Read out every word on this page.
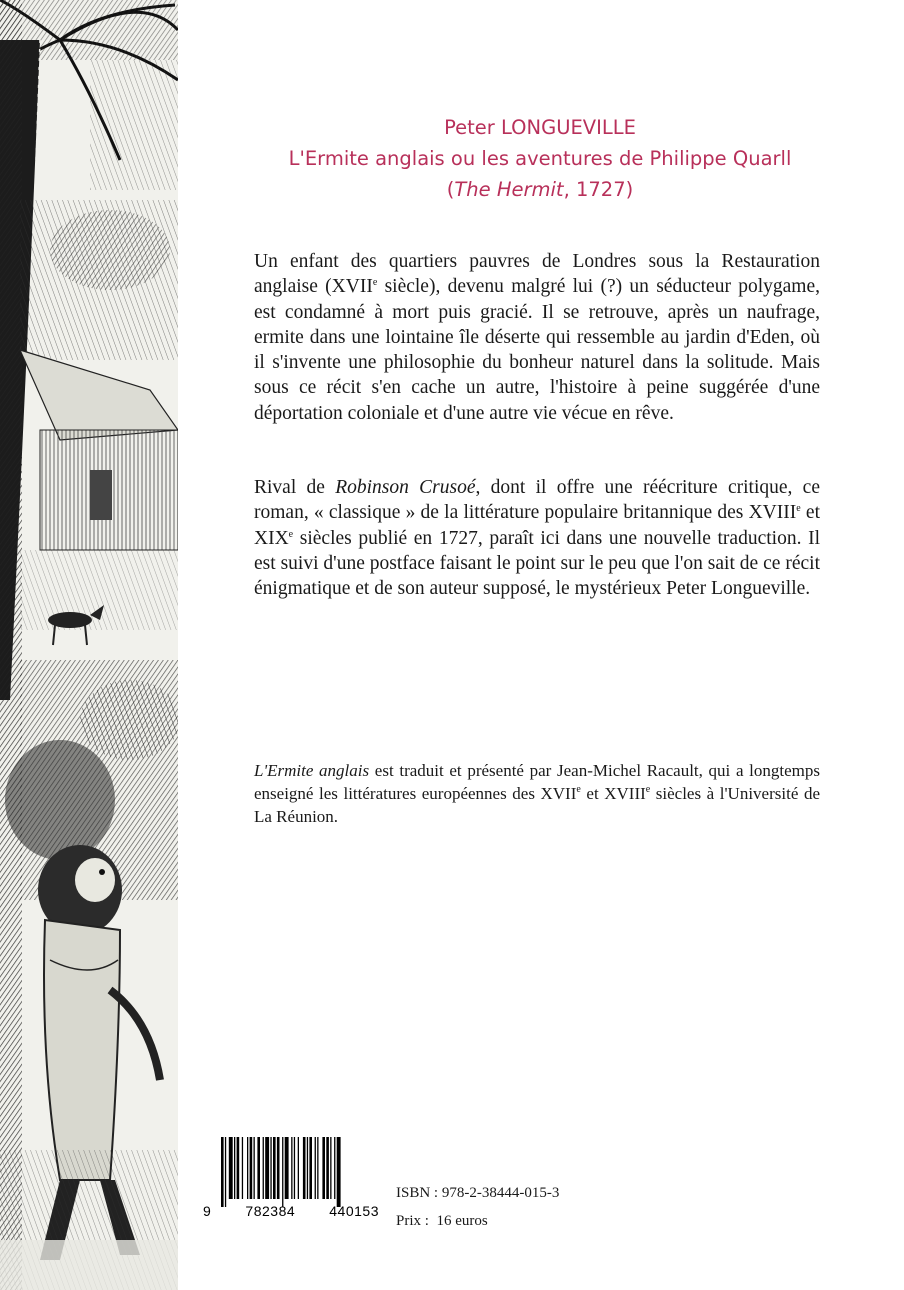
Peter LONGUEVILLE
L'Ermite anglais ou les aventures de Philippe Quarll
(The Hermit, 1727)
Un enfant des quartiers pauvres de Londres sous la Restauration anglaise (XVIIe siècle), devenu malgré lui (?) un séducteur polygame, est condamné à mort puis gracié. Il se retrouve, après un naufrage, ermite dans une lointaine île déserte qui ressemble au jardin d'Eden, où il s'invente une philosophie du bonheur naturel dans la solitude. Mais sous ce récit s'en cache un autre, l'histoire à peine suggérée d'une déportation coloniale et d'une autre vie vécue en rêve.
Rival de Robinson Crusoé, dont il offre une réécriture critique, ce roman, « classique » de la littérature populaire britannique des XVIIIe et XIXe siècles publié en 1727, paraît ici dans une nouvelle traduction. Il est suivi d'une postface faisant le point sur le peu que l'on sait de ce récit énigmatique et de son auteur supposé, le mystérieux Peter Longueville.
L'Ermite anglais est traduit et présenté par Jean-Michel Racault, qui a longtemps enseigné les littératures européennes des XVIIe et XVIIIe siècles à l'Université de La Réunion.
9 782384 440153
ISBN : 978-2-38444-015-3
Prix :  16 euros
